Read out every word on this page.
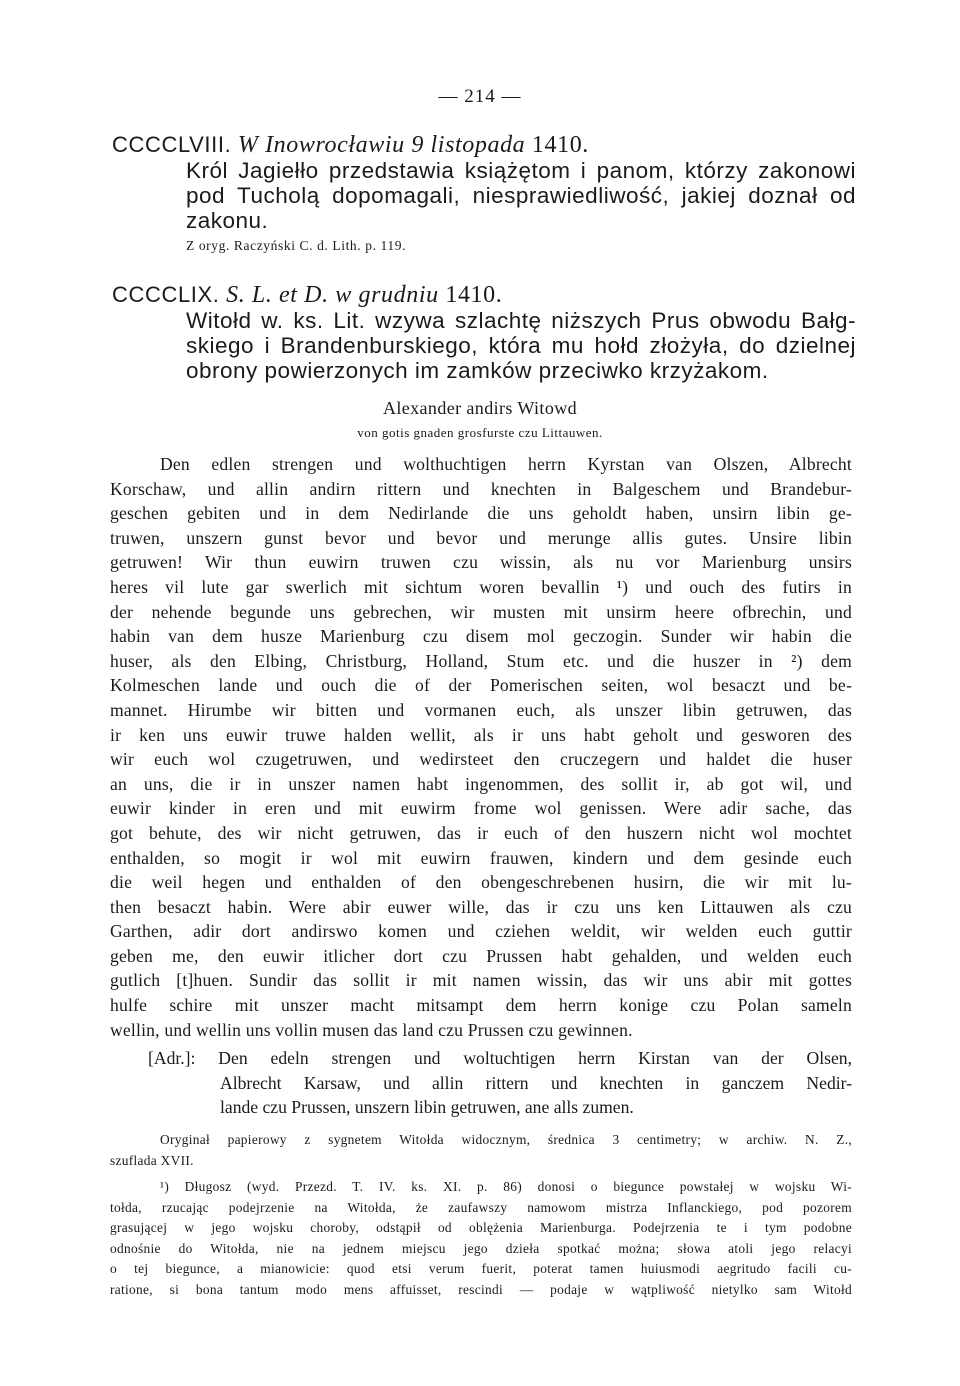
— 214 —
CCCCLVIII. W Inowrocławiu 9 listopada 1410.
Król Jagiełło przedstawia książętom i panom, którzy zakonowi
pod Tucholą dopomagali, niesprawiedliwość, jakiej doznał od
zakonu.
Z oryg. Raczyński C. d. Lith. p. 119.
CCCCLIX. S. L. et D. w grudniu 1410.
Witołd w. ks. Lit. wzywa szlachtę niższych Prus obwodu Bałg-
skiego i Brandenburskiego, która mu hołd złożyła, do dzielnej
obrony powierzonych im zamków przeciwko krzyżakom.
Alexander andirs Witowd
von gotis gnaden grosfurste czu Littauwen.
Den edlen strengen und wolthuchtigen herrn Kyrstan van Olszen, Albrecht
Korschaw, und allin andirn rittern und knechten in Balgeschem und Brandebur-
geschen gebiten und in dem Nedirlande die uns geholdt haben, unsirn libin ge-
truwen, unszern gunst bevor und bevor und merunge allis gutes. Unsire libin
getruwen! Wir thun euwirn truwen czu wissin, als nu vor Marienburg unsirs
heres vil lute gar swerlich mit sichtum woren bevallin ¹) und ouch des futirs in
der nehende begunde uns gebrechen, wir musten mit unsirm heere ofbrechin, und
habin van dem husze Marienburg czu disem mol geczogin. Sunder wir habin die
huser, als den Elbing, Christburg, Holland, Stum etc. und die huszer in ²) dem
Kolmeschen lande und ouch die of der Pomerischen seiten, wol besaczt und be-
mannet. Hirumbe wir bitten und vormanen euch, als unszer libin getruwen, das
ir ken uns euwir truwe halden wellit, als ir uns habt geholt und gesworen des
wir euch wol czugetruwen, und wedirsteet den cruczegern und haldet die huser
an uns, die ir in unszer namen habt ingenommen, des sollit ir, ab got wil, und
euwir kinder in eren und mit euwirm frome wol genissen. Were adir sache, das
got behute, des wir nicht getruwen, das ir euch of den huszern nicht wol mochtet
enthalden, so mogit ir wol mit euwirn frauwen, kindern und dem gesinde euch
die weil hegen und enthalden of den obengeschrebenen husirn, die wir mit lu-
then besaczt habin. Were abir euwer wille, das ir czu uns ken Littauwen als czu
Garthen, adir dort andirswo komen und cziehen weldit, wir welden euch guttir
geben me, den euwir itlicher dort czu Prussen habt gehalden, und welden euch
gutlich [t]huen. Sundir das sollit ir mit namen wissin, das wir uns abir mit gottes
hulfe schire mit unszer macht mitsampt dem herrn konige czu Polan sameln
wellin, und wellin uns vollin musen das land czu Prussen czu gewinnen.
[Adr.]: Den edeln strengen und woltuchtigen herrn Kirstan van der Olsen,
Albrecht Karsaw, und allin rittern und knechten in ganczem Nedir-
lande czu Prussen, unszern libin getruwen, ane alls zumen.
Oryginał papierowy z sygnetem Witołda widocznym, średnica 3 centimetry; w archiw. N. Z.,
szuflada XVII.
¹) Długosz (wyd. Przezd. T. IV. ks. XI. p. 86) donosi o biegunce powstałej w wojsku Wi-
tołda, rzucając podejrzenie na Witołda, że zaufawszy namowom mistrza Inflanckiego, pod pozorem
grasującej w jego wojsku choroby, odstąpił od oblężenia Marienburga. Podejrzenia te i tym podobne
odnośnie do Witołda, nie na jednem miejscu jego dzieła spotkać można; słowa atoli jego relacyi
o tej biegunce, a mianowicie: quod etsi verum fuerit, poterat tamen huiusmodi aegritudo facili cu-
ratione, si bona tantum modo mens affuisset, rescindi — podaje w wątpliwość nietylko sam Witołd
